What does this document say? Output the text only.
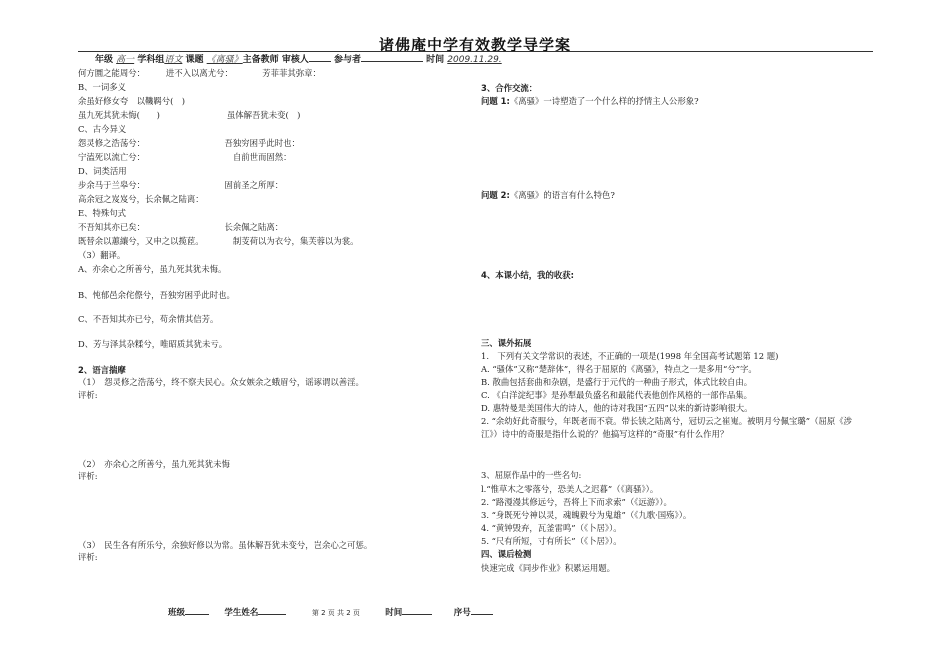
诸佛庵中学有效教学导学案
年级 高一 学科组语文 课题 《离骚》主备教师 审核人	参与者	时间 2009.11.29.
何方圜之能周兮：　　　进不入以离尤兮：　　　　芳菲菲其弥章：
B、一词多义
余虽好修女夸　以鞿羁兮(　)
虽九死其犹未悔(　　)　　　　　　　　虽体解吾犹未变(　)
C、古今异义
怨灵修之浩荡兮：　　　　　　　　　　吾独穷困乎此时也：
宁溘死以流亡兮：　　　　　　　　　　　自前世而固然：
D、词类活用
步余马于兰皋兮：　　　　　　　　　　固前圣之所厚：
高余冠之岌岌兮，长余佩之陆离：
E、特殊句式
不吾知其亦已矣：　　　　　　　　　　长余佩之陆离：
既替余以蕙纕兮，又申之以揽茝。　　　　制芰荷以为衣兮，集芙蓉以为裳。
（3）翻译。
A、亦余心之所善兮，虽九死其犹未悔。
B、忳郁邑余侘傺兮，吾独穷困乎此时也。
C、不吾知其亦已兮，苟余情其信芳。
D、芳与泽其杂糅兮，唯昭质其犹未亏。
2、语言揣摩
（1）　怨灵修之浩荡兮，终不察夫民心。众女嫉余之蛾眉兮，谣诼谓以善淫。
评析:
（2）　亦余心之所善兮，虽九死其犹未悔
评析:
（3）　民生各有所乐兮，余独好修以为常。虽体解吾犹未变兮，岂余心之可惩。
评析:
3、合作交流：
问题 1:《离骚》一诗塑造了一个什么样的抒情主人公形象?
问题 2:《离骚》的语言有什么特色?
4、本课小结，我的收获:
三、课外拓展
1.　下列有关文学常识的表述，不正确的一项是(1998 年全国高考试题第 12 题)
A. “骚体”又称“楚辞体”，得名于屈原的《离骚》，特点之一是多用“兮”字。
B. 散曲包括套曲和杂剧，是盛行于元代的一种曲子形式，体式比较自由。
C. 《白洋淀纪事》是孙犁最负盛名和最能代表他创作风格的一部作品集。
D. 惠特曼是美国伟大的诗人，他的诗对我国“五四”以来的新诗影响很大。
2. “余幼好此奇服兮，年既老而不衰。带长铗之陆离兮，冠切云之崔嵬。被明月兮佩宝璐”（屈原《涉
江》）诗中的奇服是指什么说的？他搞写这样的“奇服”有什么作用？
3、屈原作品中的一些名句:
l.“惟草木之零落兮，恐美人之迟暮”（《离骚》）。
2. “路漫漫其修远兮，吾将上下而求索”（《远游》）。
3. “身既死兮神以灵，魂魄毅兮为鬼雄”（《九歌·国殇》）。
4. “黄钟毁弃，瓦釜雷鸣”（《卜居》）。
5. “尺有所短，寸有所长”（《卜居》）。
四、课后检测
快速完成《同步作业》积累运用题。
班级	学生姓名	第 2 页 共 2 页	时间	序号
